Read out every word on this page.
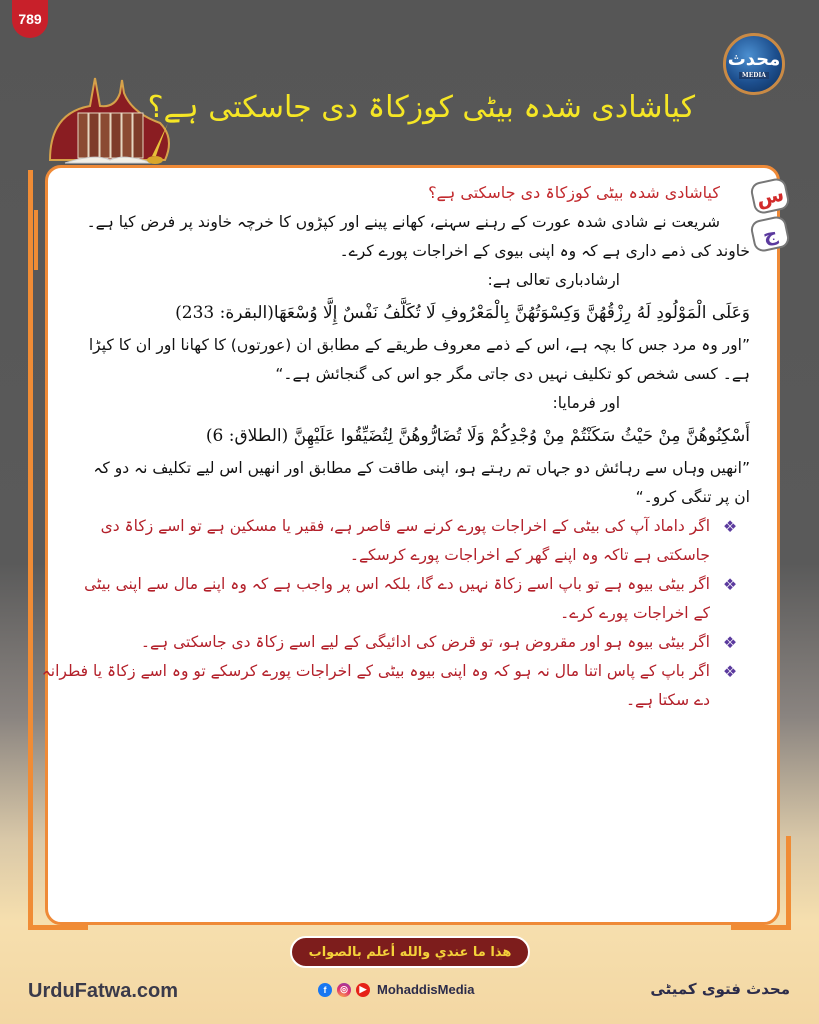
789
کیاشادی شدہ بیٹی کوزکاۃ دی جاسکتی ہے؟
محدث
MEDIA
س
ج
کیاشادی شدہ بیٹی کوزکاۃ دی جاسکتی ہے؟
شریعت نے شادی شدہ عورت کے رہنے سہنے، کھانے پینے اور کپڑوں کا خرچہ خاوند پر فرض کیا ہے۔
خاوند کی ذمے داری ہے کہ وہ اپنی بیوی کے اخراجات پورے کرے۔
ارشادباری تعالی ہے:
وَعَلَى الْمَوْلُودِ لَهُ رِزْقُهُنَّ وَكِسْوَتُهُنَّ بِالْمَعْرُوفِ لَا تُكَلَّفُ نَفْسٌ إِلَّا وُسْعَهَا(البقرة: 233)
”اور وہ مرد جس کا بچہ ہے، اس کے ذمے معروف طریقے کے مطابق ان (عورتوں) کا کھانا اور ان کا کپڑا
ہے۔ کسی شخص کو تکلیف نہیں دی جاتی مگر جو اس کی گنجائش ہے۔“
اور فرمایا:
أَسْكِنُوهُنَّ مِنْ حَيْثُ سَكَنْتُمْ مِنْ وُجْدِكُمْ وَلَا تُضَارُّوهُنَّ لِتُضَيِّقُوا عَلَيْهِنَّ (الطلاق: 6)
”انھیں وہاں سے رہائش دو جہاں تم رہتے ہو، اپنی طاقت کے مطابق اور انھیں اس لیے تکلیف نہ دو کہ
ان پر تنگی کرو۔“
❖
اگر داماد آپ کی بیٹی کے اخراجات پورے کرنے سے قاصر ہے، فقیر یا مسکین ہے تو اسے زکاۃ دی
جاسکتی ہے تاکہ وہ اپنے گھر کے اخراجات پورے کرسکے۔
❖
اگر بیٹی بیوہ ہے تو باپ اسے زکاۃ نہیں دے گا، بلکہ اس پر واجب ہے کہ وہ اپنے مال سے اپنی بیٹی
کے اخراجات پورے کرے۔
❖
اگر بیٹی بیوہ ہو اور مقروض ہو، تو قرض کی ادائیگی کے لیے اسے زکاۃ دی جاسکتی ہے۔
❖
اگر باپ کے پاس اتنا مال نہ ہو کہ وہ اپنی بیوہ بیٹی کے اخراجات پورے کرسکے تو وہ اسے زکاۃ یا فطرانہ
دے سکتا ہے۔
هذا ما عندي والله أعلم بالصواب
UrduFatwa.com	f	◎	▶ MohaddisMedia	محدث فتوی کمیٹی
